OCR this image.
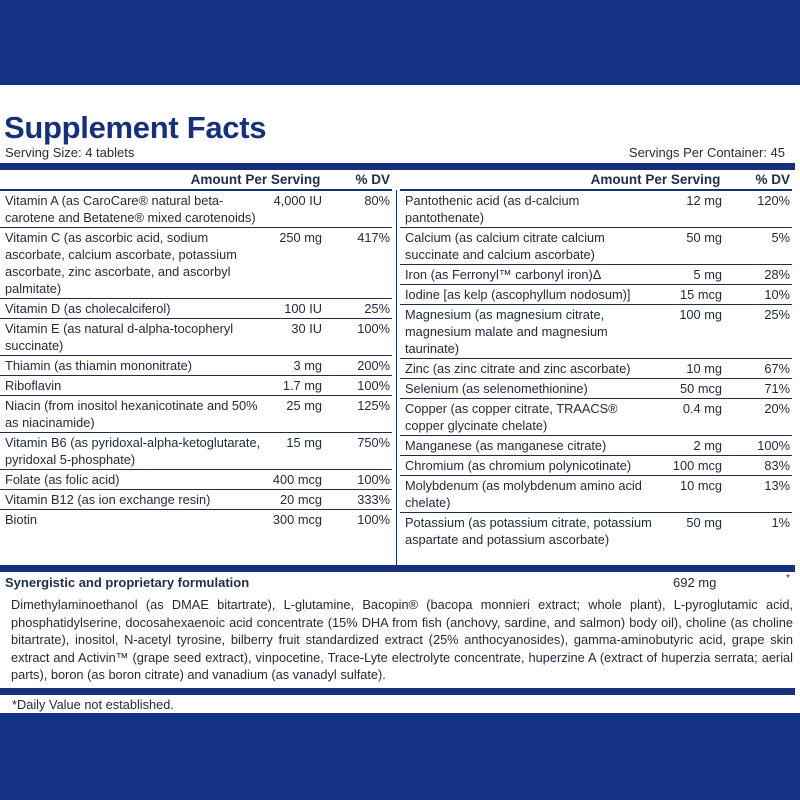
Supplement Facts
Serving Size: 4 tablets	Servings Per Container: 45
Amount Per Serving	% DV
Vitamin A (as CaroCare® natural beta-carotene and Betatene® mixed carotenoids)
4,000 IU	80%
Vitamin C (as ascorbic acid, sodium ascorbate, calcium ascorbate, potassium ascorbate, zinc ascorbate, and ascorbyl palmitate)
250 mg	417%
Vitamin D (as cholecalciferol)	100 IU	25%
Vitamin E (as natural d-alpha-tocopheryl succinate)
30 IU	100%
Thiamin (as thiamin mononitrate)	3 mg	200%
Riboflavin	1.7 mg	100%
Niacin (from inositol hexanicotinate and 50% as niacinamide)
25 mg	125%
Vitamin B6 (as pyridoxal-alpha-ketoglutarate, pyridoxal 5-phosphate)
15 mg	750%
Folate (as folic acid)	400 mcg	100%
Vitamin B12 (as ion exchange resin)	20 mcg	333%
Biotin	300 mcg	100%
Amount Per Serving	% DV
Pantothenic acid (as d-calcium pantothenate)
12 mg	120%
Calcium (as calcium citrate calcium succinate and calcium ascorbate)
50 mg	5%
Iron (as Ferronyl™ carbonyl iron)Δ	5 mg	28%
Iodine [as kelp (ascophyllum nodosum)]	15 mcg	10%
Magnesium (as magnesium citrate, magnesium malate and magnesium taurinate)
100 mg	25%
Zinc (as zinc citrate and zinc ascorbate)	10 mg	67%
Selenium (as selenomethionine)	50 mcg	71%
Copper (as copper citrate, TRAACS® copper glycinate chelate)
0.4 mg	20%
Manganese (as manganese citrate)	2 mg	100%
Chromium (as chromium polynicotinate)	100 mcg	83%
Molybdenum (as molybdenum amino acid chelate)
10 mcg	13%
Potassium (as potassium citrate, potassium aspartate and potassium ascorbate)
50 mg	1%
Synergistic and proprietary formulation	692 mg	*
Dimethylaminoethanol (as DMAE bitartrate), L-glutamine, Bacopin® (bacopa monnieri extract; whole plant), L-pyroglutamic acid, phosphatidylserine, docosahexaenoic acid concentrate (15% DHA from fish (anchovy, sardine, and salmon) body oil), choline (as choline bitartrate), inositol, N-acetyl tyrosine, bilberry fruit standardized extract (25% anthocyanosides), gamma-aminobutyric acid, grape skin extract and Activin™ (grape seed extract), vinpocetine, Trace-Lyte electrolyte concentrate, huperzine A (extract of huperzia serrata; aerial parts), boron (as boron citrate) and vanadium (as vanadyl sulfate).
*Daily Value not established.
